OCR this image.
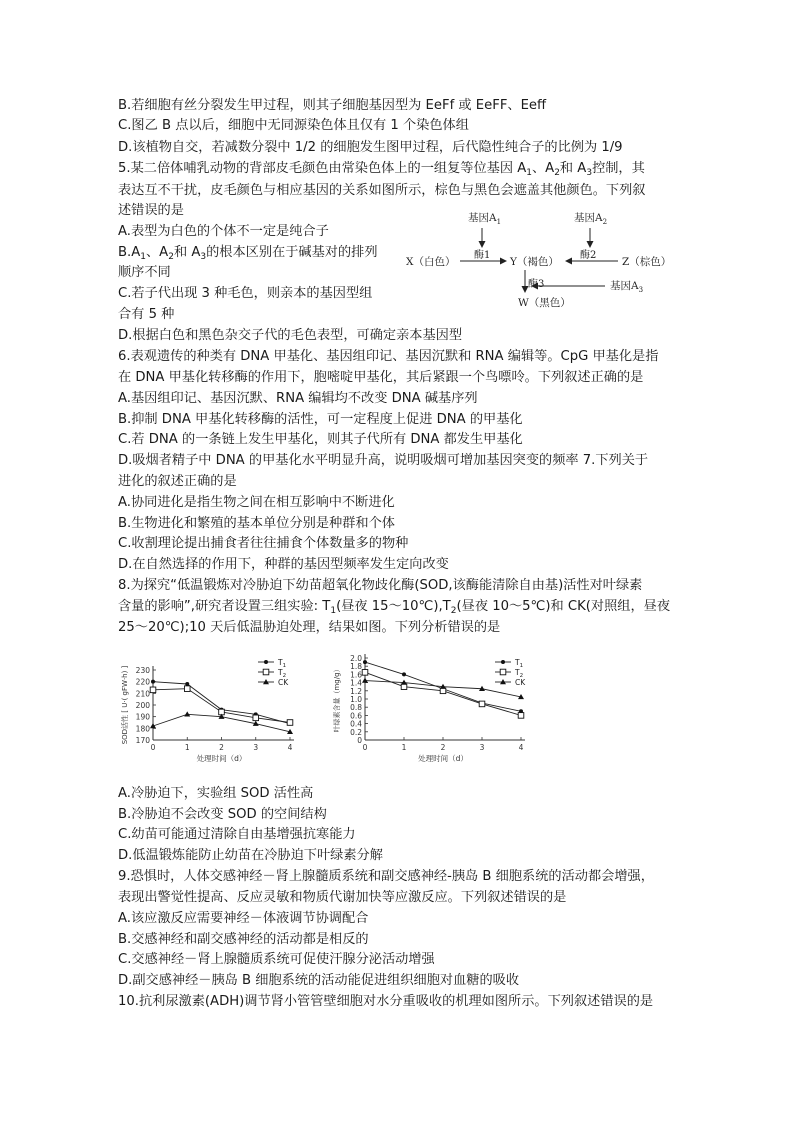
B.若细胞有丝分裂发生甲过程，则其子细胞基因型为 EeFf 或 EeFF、Eeff
C.图乙 B 点以后，细胞中无同源染色体且仅有 1 个染色体组
D.该植物自交，若减数分裂中 1/2 的细胞发生图甲过程，后代隐性纯合子的比例为 1/9
5.某二倍体哺乳动物的背部皮毛颜色由常染色体上的一组复等位基因 $A_1$、$A_2$和 $A_3$控制，其
表达互不干扰，皮毛颜色与相应基因的关系如图所示，棕色与黑色会遮盖其他颜色。下列叙
述错误的是
A.表型为白色的个体不一定是纯合子
$B.A_1$、$A_2$和 $A_3$的根本区别在于碱基对的排列
顺序不同
C.若子代出现 3 种毛色，则亲本的基因型组
合有 5 种
D.根据白色和黑色杂交子代的毛色表型，可确定亲本基因型
基因$A_1$	基因$A_2$
X（白色）
酶1
Y（褐色）
酶2
Z（棕色）
酶3	基因$A_3$
W（黑色）
6.表观遗传的种类有 DNA 甲基化、基因组印记、基因沉默和 RNA 编辑等。CpG 甲基化是指
在 DNA 甲基化转移酶的作用下，胞嘧啶甲基化，其后紧跟一个鸟嘌呤。下列叙述正确的是
A.基因组印记、基因沉默、RNA 编辑均不改变 DNA 碱基序列
B.抑制 DNA 甲基化转移酶的活性，可一定程度上促进 DNA 的甲基化
C.若 DNA 的一条链上发生甲基化，则其子代所有 DNA 都发生甲基化
D.吸烟者精子中 DNA 的甲基化水平明显升高，说明吸烟可增加基因突变的频率 7.下列关于
进化的叙述正确的是
A.协同进化是指生物之间在相互影响中不断进化
B.生物进化和繁殖的基本单位分别是种群和个体
C.收割理论提出捕食者往往捕食个体数量多的物种
D.在自然选择的作用下，种群的基因型频率发生定向改变
8.为探究“低温锻炼对冷胁迫下幼苗超氧化物歧化酶(SOD,该酶能清除自由基)活性对叶绿素
含量的影响”,研究者设置三组实验: $T_1$(昼夜 $15\sim 10℃),T_2$(昼夜 10～5℃)和 CK(对照组，昼夜
25～20℃);10 天后低温胁迫处理，结果如图。下列分析错误的是
170
180
190
200
210
220
230
0	1	2	3	4
处理时间（d）
SOD活性 [ U·( gFW·h) ]
$T_1$
$T_2$
CK
0
0.2
0.4
0.6
0.8
1.0
1.2
1.4
1.6
1.8
2.0
0	1	2	3	4
处理时间（d）
叶绿素含量（mg/g）
$T_1$
$T_2$
CK
A.冷胁迫下，实验组 SOD 活性高
B.冷胁迫不会改变 SOD 的空间结构
C.幼苗可能通过清除自由基增强抗寒能力
D.低温锻炼能防止幼苗在冷胁迫下叶绿素分解
9.恐惧时，人体交感神经－肾上腺髓质系统和副交感神经-胰岛 B 细胞系统的活动都会增强，
表现出警觉性提高、反应灵敏和物质代谢加快等应激反应。下列叙述错误的是
A.该应激反应需要神经－体液调节协调配合
B.交感神经和副交感神经的活动都是相反的
C.交感神经－肾上腺髓质系统可促使汗腺分泌活动增强
D.副交感神经－胰岛 B 细胞系统的活动能促进组织细胞对血糖的吸收
10.抗利尿激素(ADH)调节肾小管管壁细胞对水分重吸收的机理如图所示。下列叙述错误的是
